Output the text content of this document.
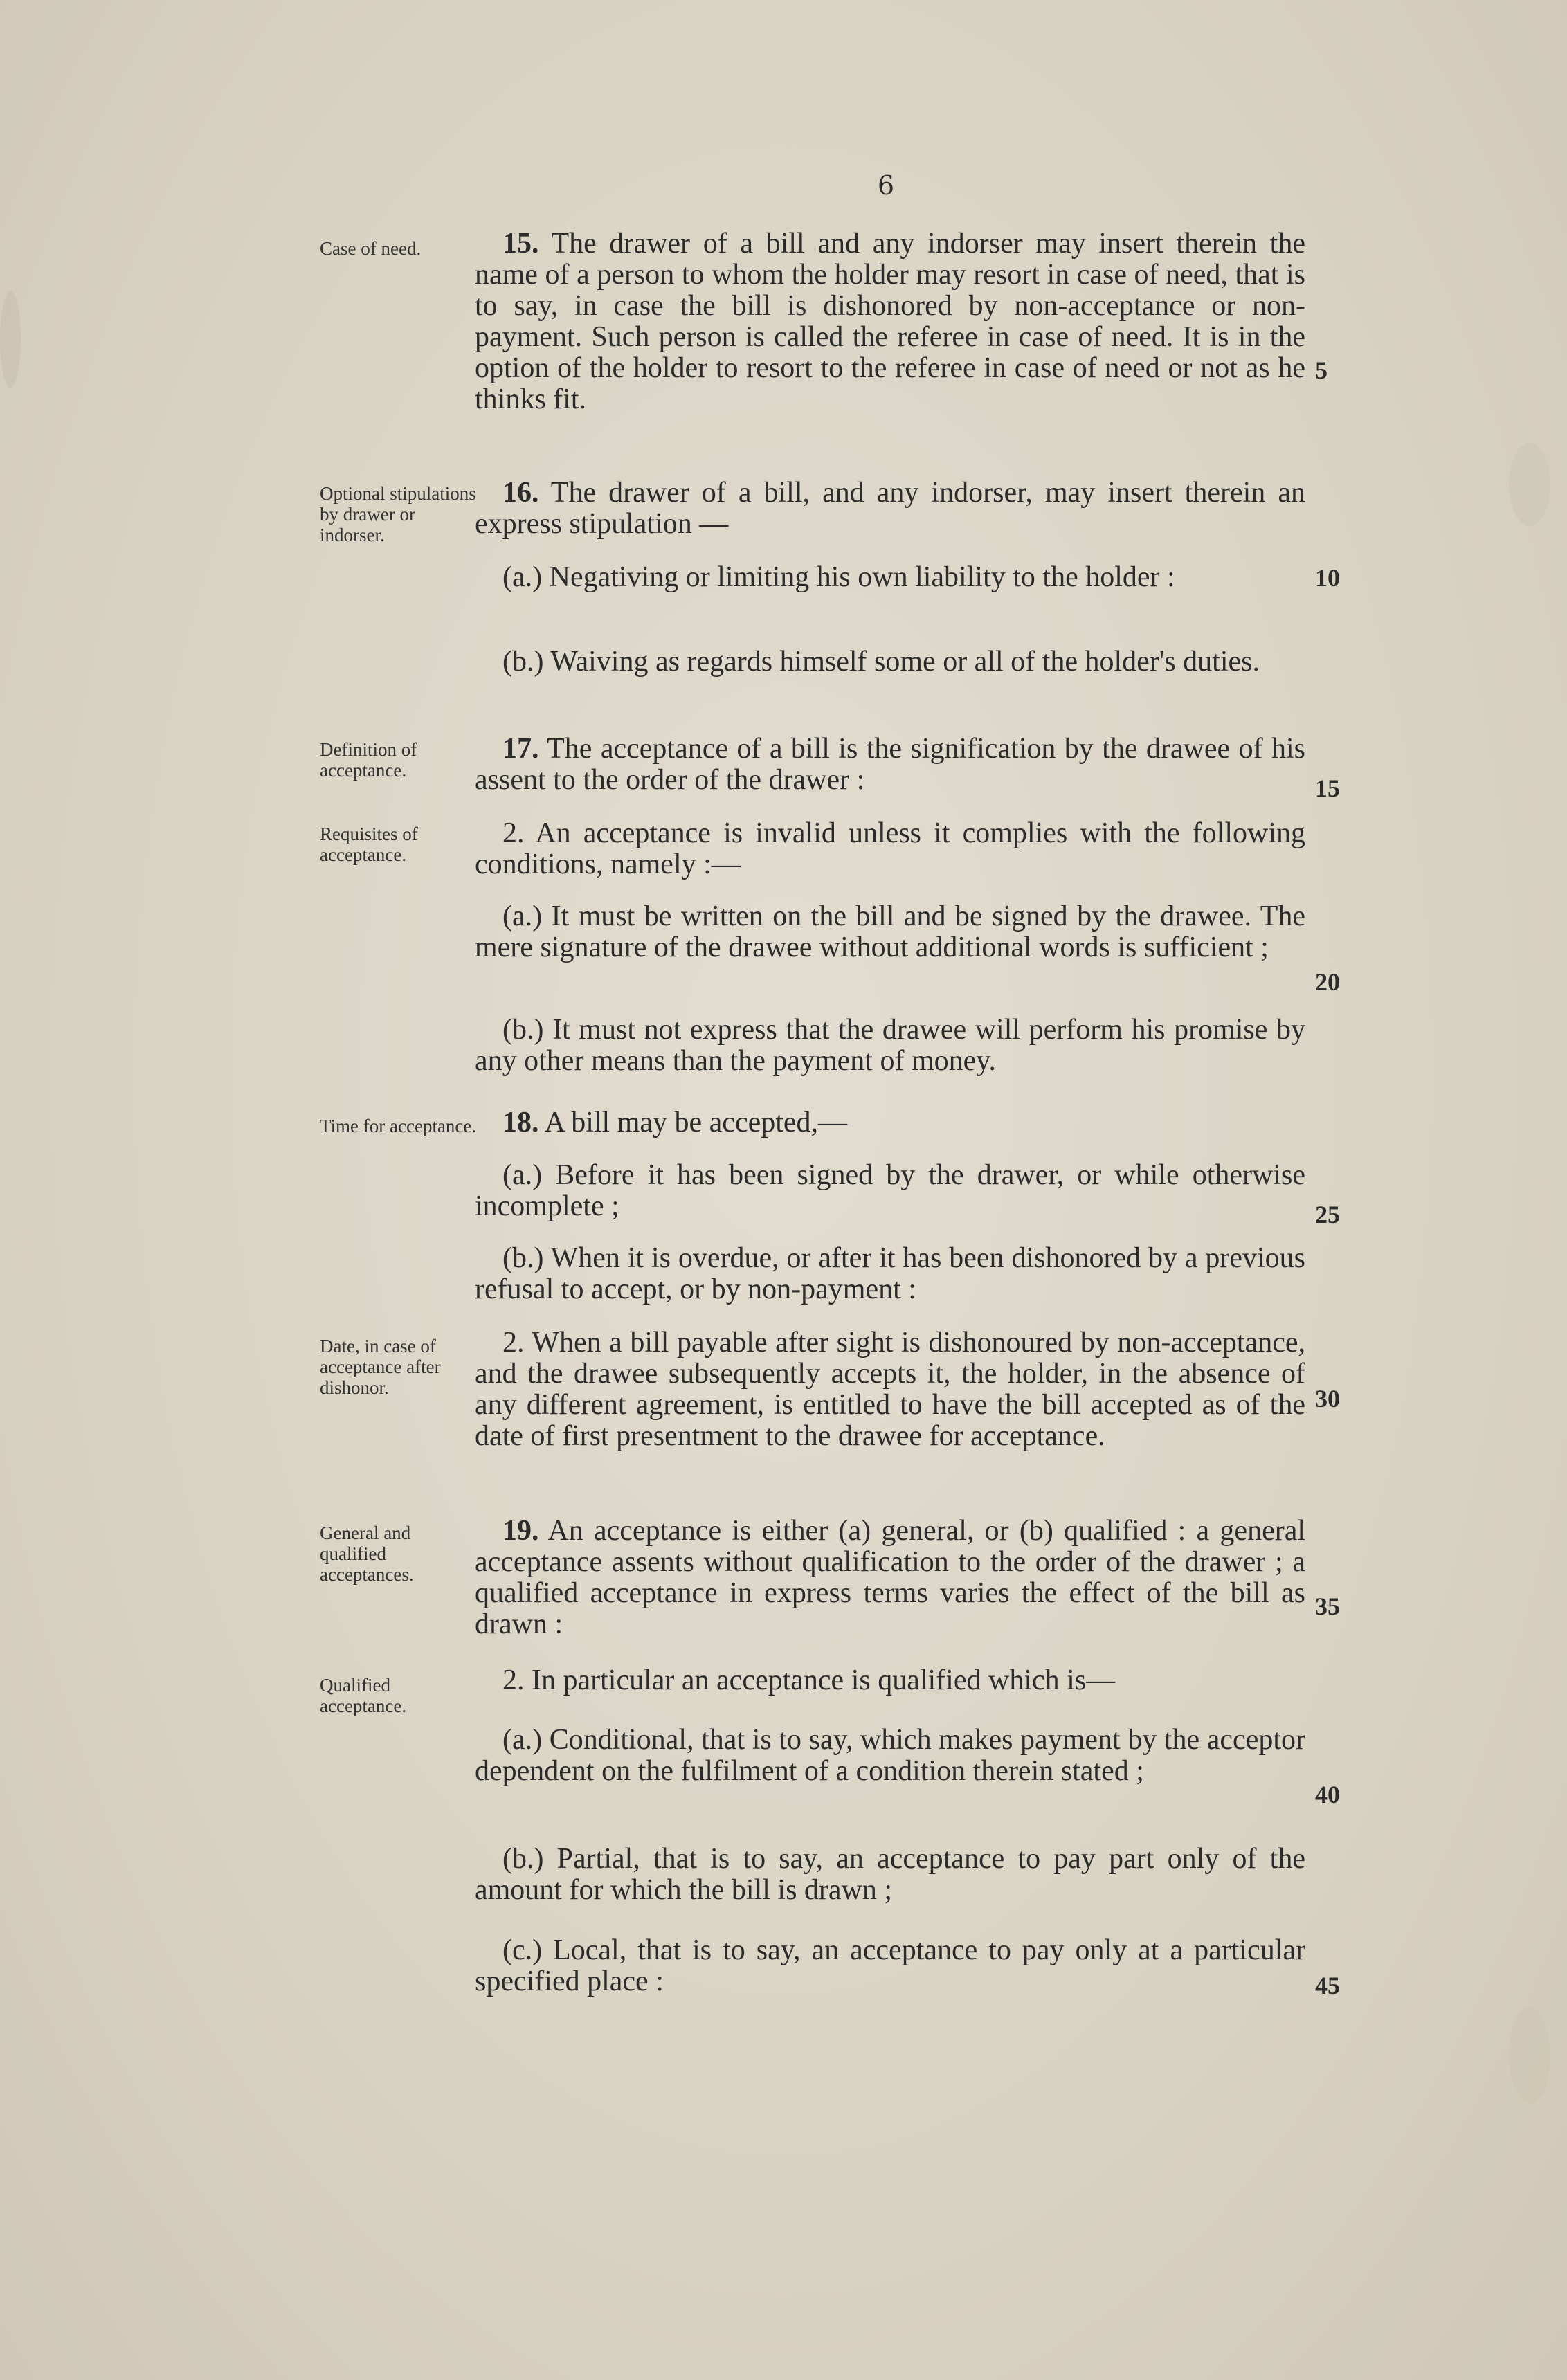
6
Case of need.	15. The drawer of a bill and any indorser may insert therein the name of a person to whom the holder may resort in case of need, that is to say, in case the bill is dishonored by non-acceptance or non-payment. Such person is called the referee in case of need. It is in the option of the holder to resort to the referee in case of need or not as he thinks fit.
5
Optional stipulations by drawer or indorser.
16. The drawer of a bill, and any indorser, may insert therein an express stipulation —
(a.) Negativing or limiting his own liability to the holder :	10
(b.) Waiving as regards himself some or all of the holder's duties.
Definition of acceptance.
17. The acceptance of a bill is the signification by the drawee of his assent to the order of the drawer :	15
Requisites of acceptance.
2. An acceptance is invalid unless it complies with the following conditions, namely :—
(a.) It must be written on the bill and be signed by the drawee. The mere signature of the drawee without additional words is sufficient ;
20
(b.) It must not express that the drawee will perform his promise by any other means than the payment of money.
Time for acceptance. 18. A bill may be accepted,—
(a.) Before it has been signed by the drawer, or while otherwise incomplete ;	25
(b.) When it is overdue, or after it has been dishonored by a previous refusal to accept, or by non-payment :
Date, in case of acceptance after dishonor.
2. When a bill payable after sight is dishonoured by non-acceptance, and the drawee subsequently accepts it, the holder, in the absence of any different agreement, is entitled to have the bill accepted as of the date of first presentment to the drawee for acceptance.
30
General and qualified acceptances.
19. An acceptance is either (a) general, or (b) qualified : a general acceptance assents without qualification to the order of the drawer ; a qualified acceptance in express terms varies the effect of the bill as drawn :
35
Qualified acceptance.
2. In particular an acceptance is qualified which is—
(a.) Conditional, that is to say, which makes payment by the acceptor dependent on the fulfilment of a condition therein stated ;
40
(b.) Partial, that is to say, an acceptance to pay part only of the amount for which the bill is drawn ;
(c.) Local, that is to say, an acceptance to pay only at a particular specified place :	45
